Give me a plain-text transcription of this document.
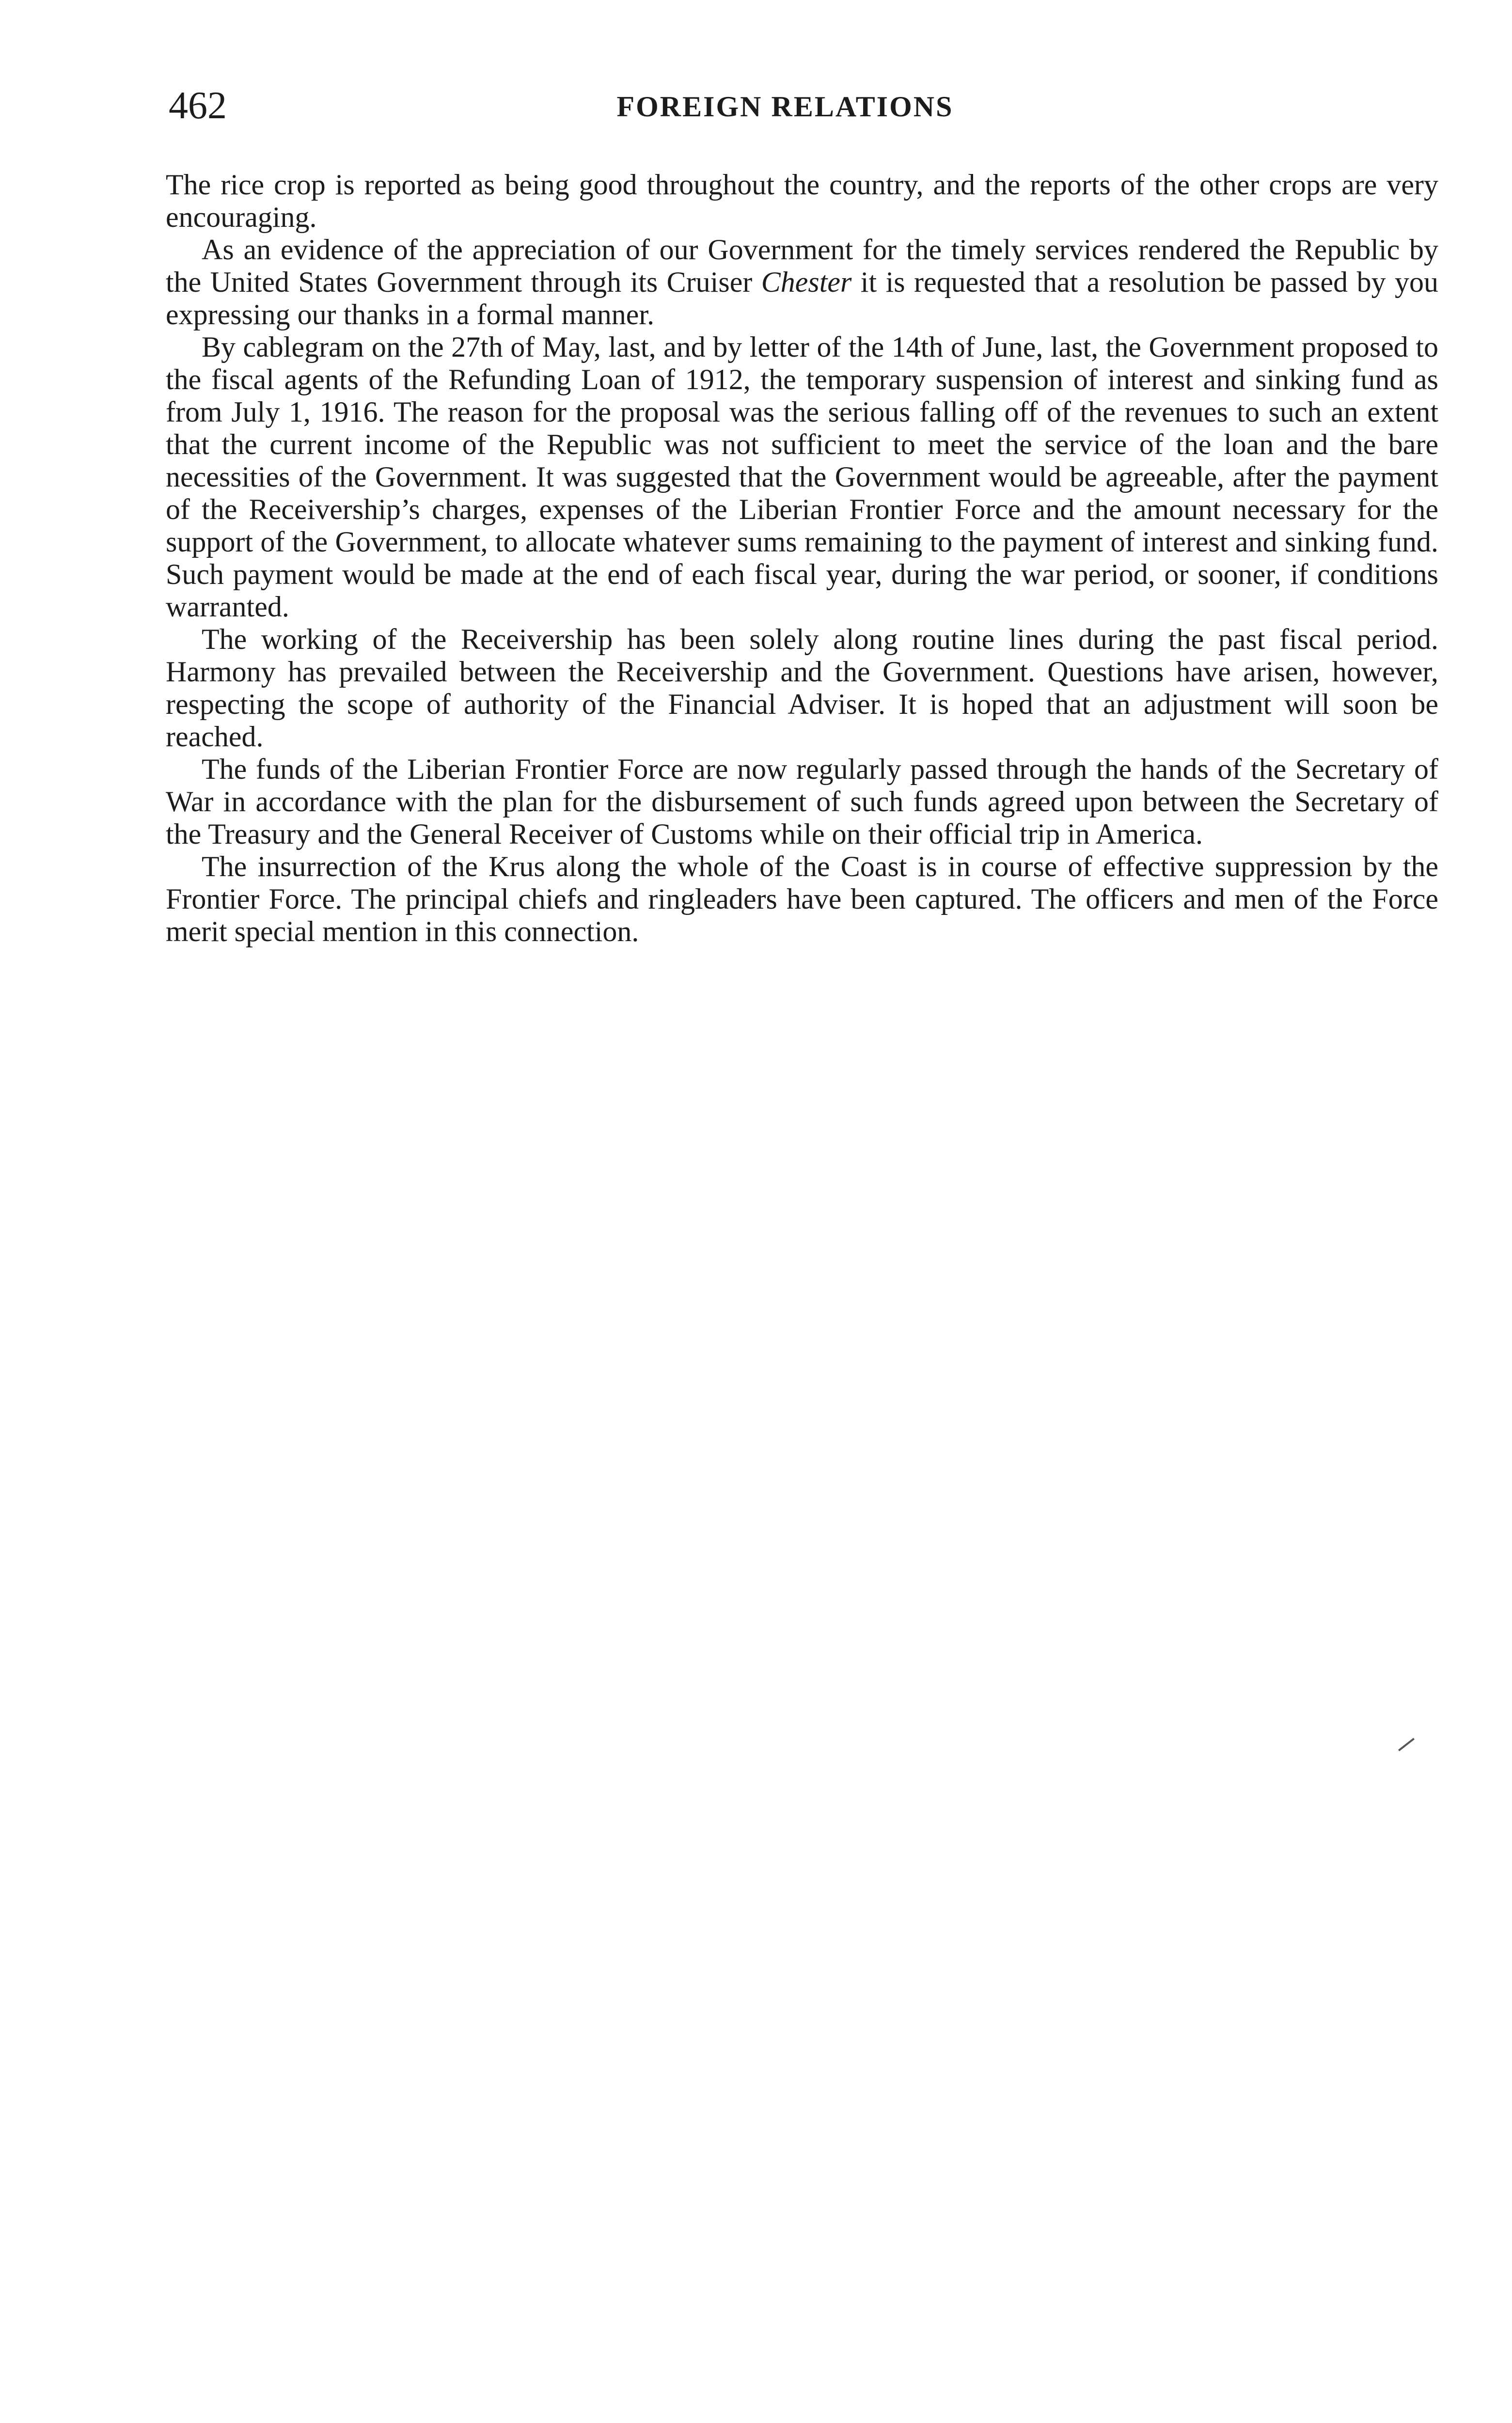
462	FOREIGN RELATIONS

The rice crop is reported as being good throughout the country, and the reports of the other crops are very encouraging.

As an evidence of the appreciation of our Government for the timely services rendered the Republic by the United States Government through its Cruiser Chester it is requested that a resolution be passed by you expressing our thanks in a formal manner.

By cablegram on the 27th of May, last, and by letter of the 14th of June, last, the Government proposed to the fiscal agents of the Refunding Loan of 1912, the temporary suspension of interest and sinking fund as from July 1, 1916. The reason for the proposal was the serious falling off of the revenues to such an extent that the current income of the Republic was not sufficient to meet the service of the loan and the bare necessities of the Government. It was suggested that the Government would be agreeable, after the payment of the Receivership’s charges, expenses of the Liberian Frontier Force and the amount necessary for the support of the Government, to allocate whatever sums remaining to the payment of interest and sinking fund. Such payment would be made at the end of each fiscal year, during the war period, or sooner, if conditions warranted.

The working of the Receivership has been solely along routine lines during the past fiscal period. Harmony has prevailed between the Receivership and the Government. Questions have arisen, however, respecting the scope of authority of the Financial Adviser. It is hoped that an adjustment will soon be reached.

The funds of the Liberian Frontier Force are now regularly passed through the hands of the Secretary of War in accordance with the plan for the disbursement of such funds agreed upon between the Secretary of the Treasury and the General Receiver of Customs while on their official trip in America.

The insurrection of the Krus along the whole of the Coast is in course of effective suppression by the Frontier Force. The principal chiefs and ringleaders have been captured. The officers and men of the Force merit special mention in this connection.
